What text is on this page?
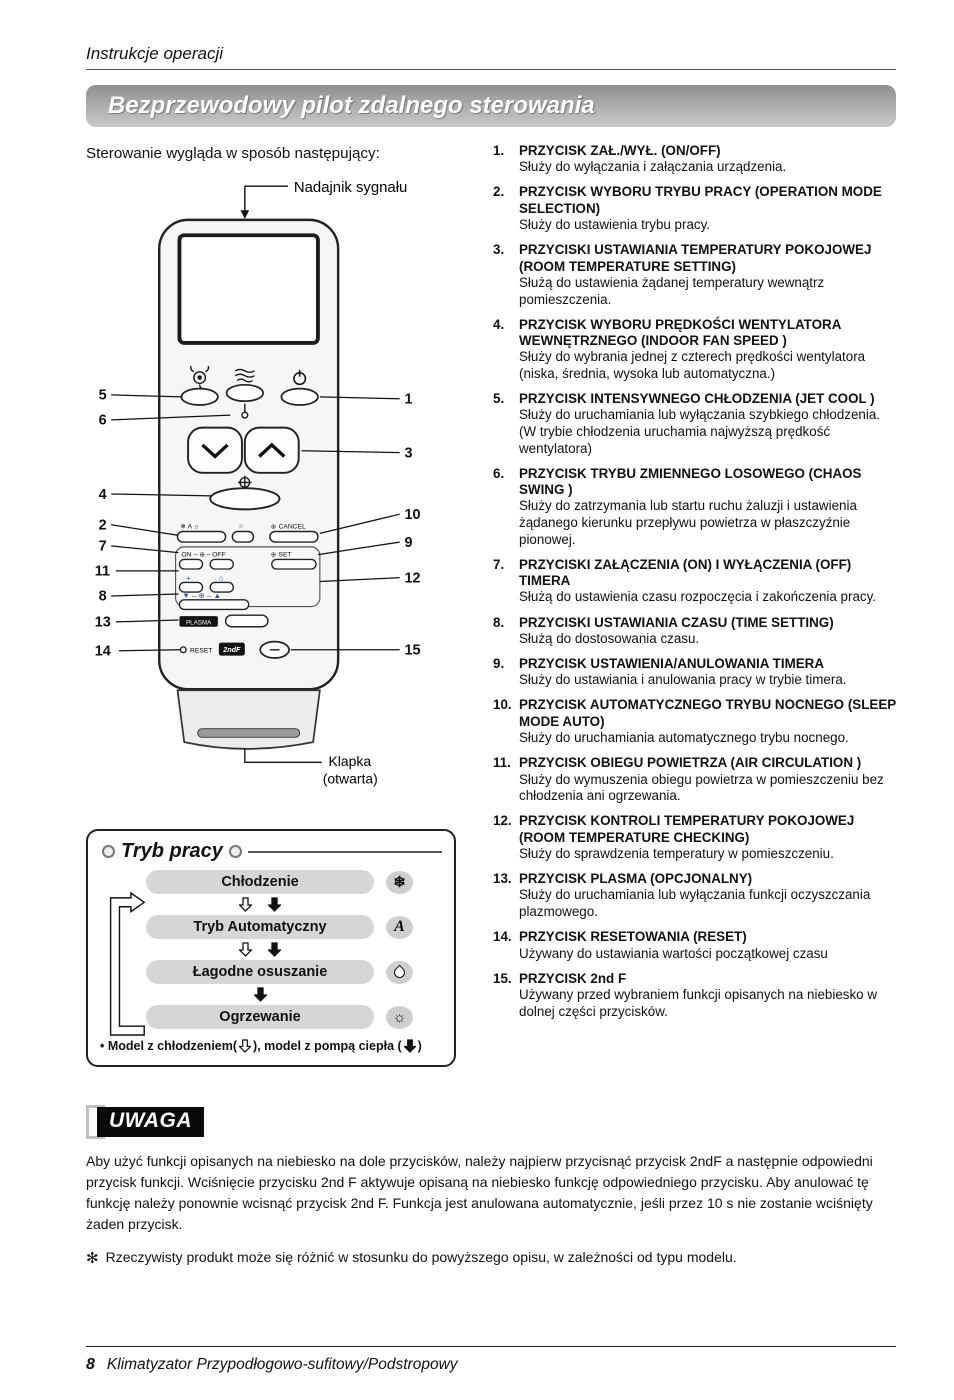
Instrukcje operacji
Bezprzewodowy pilot zdalnego sterowania
Sterowanie wygląda w sposób następujący:
Nadajnik sygnału
❄ A ☼	☆	⊕ CANCEL
ON – ⊕ – OFF	⊕ SET
+	⌂
▼ – ⊕ – ▲
PLASMA
RESET 2ndF
Klapka
(otwarta)
5
6
4
2
7
11
8
13
14
1
3
10
9
12
15
Tryb pracy
Chłodzenie	❄
Tryb Automatyczny	A
Łagodne osuszanie
Ogrzewanie	☼
• Model z chłodzeniem( ), model z pompą ciepła ( )
1.	PRZYCISK ZAŁ./WYŁ. (ON/OFF)
Służy do wyłączania i załączania urządzenia.
2.	PRZYCISK WYBORU TRYBU PRACY (OPERATION MODE SELECTION)
Służy do ustawienia trybu pracy.
3.	PRZYCISKI USTAWIANIA TEMPERATURY POKOJOWEJ (ROOM TEMPERATURE SETTING)
Służą do ustawienia żądanej temperatury wewnątrz pomieszczenia.
4.	PRZYCISK WYBORU PRĘDKOŚCI WENTYLATORA WEWNĘTRZNEGO (INDOOR FAN SPEED )
Służy do wybrania jednej z czterech prędkości wentylatora (niska, średnia, wysoka lub automatyczna.)
5.	PRZYCISK INTENSYWNEGO CHŁODZENIA (JET COOL )
Służy do uruchamiania lub wyłączania szybkiego chłodzenia. (W trybie chłodzenia uruchamia najwyższą prędkość wentylatora)
6.	PRZYCISK TRYBU ZMIENNEGO LOSOWEGO (CHAOS SWING )
Służy do zatrzymania lub startu ruchu żaluzji i ustawienia żądanego kierunku przepływu powietrza w płaszczyźnie pionowej.
7.	PRZYCISKI ZAŁĄCZENIA (ON) I WYŁĄCZENIA (OFF) TIMERA
Służą do ustawienia czasu rozpoczęcia i zakończenia pracy.
8.	PRZYCISKI USTAWIANIA CZASU (TIME SETTING)
Służą do dostosowania czasu.
9.	PRZYCISK USTAWIENIA/ANULOWANIA TIMERA
Służy do ustawiania i anulowania pracy w trybie timera.
10. PRZYCISK AUTOMATYCZNEGO TRYBU NOCNEGO (SLEEP MODE AUTO)
Służy do uruchamiania automatycznego trybu nocnego.
11. PRZYCISK OBIEGU POWIETRZA (AIR CIRCULATION )
Służy do wymuszenia obiegu powietrza w pomieszczeniu bez chłodzenia ani ogrzewania.
12. PRZYCISK KONTROLI TEMPERATURY POKOJOWEJ (ROOM TEMPERATURE CHECKING)
Służy do sprawdzenia temperatury w pomieszczeniu.
13. PRZYCISK PLASMA (OPCJONALNY)
Służy do uruchamiania lub wyłączania funkcji oczyszczania plazmowego.
14. PRZYCISK RESETOWANIA (RESET)
Używany do ustawiania wartości początkowej czasu
15. PRZYCISK 2nd F
Używany przed wybraniem funkcji opisanych na niebiesko w dolnej części przycisków.
UWAGA
Aby użyć funkcji opisanych na niebiesko na dole przycisków, należy najpierw przycisnąć przycisk 2ndF a następnie odpowiedni przycisk funkcji. Wciśnięcie przycisku 2nd F aktywuje opisaną na niebiesko funkcję odpowiedniego przycisku. Aby anulować tę funkcję należy ponownie wcisnąć przycisk 2nd F. Funkcja jest anulowana automatycznie, jeśli przez 10 s nie zostanie wciśnięty żaden przycisk.
✻ Rzeczywisty produkt może się różnić w stosunku do powyższego opisu, w zależności od typu modelu.
8 Klimatyzator Przypodłogowo-sufitowy/Podstropowy
